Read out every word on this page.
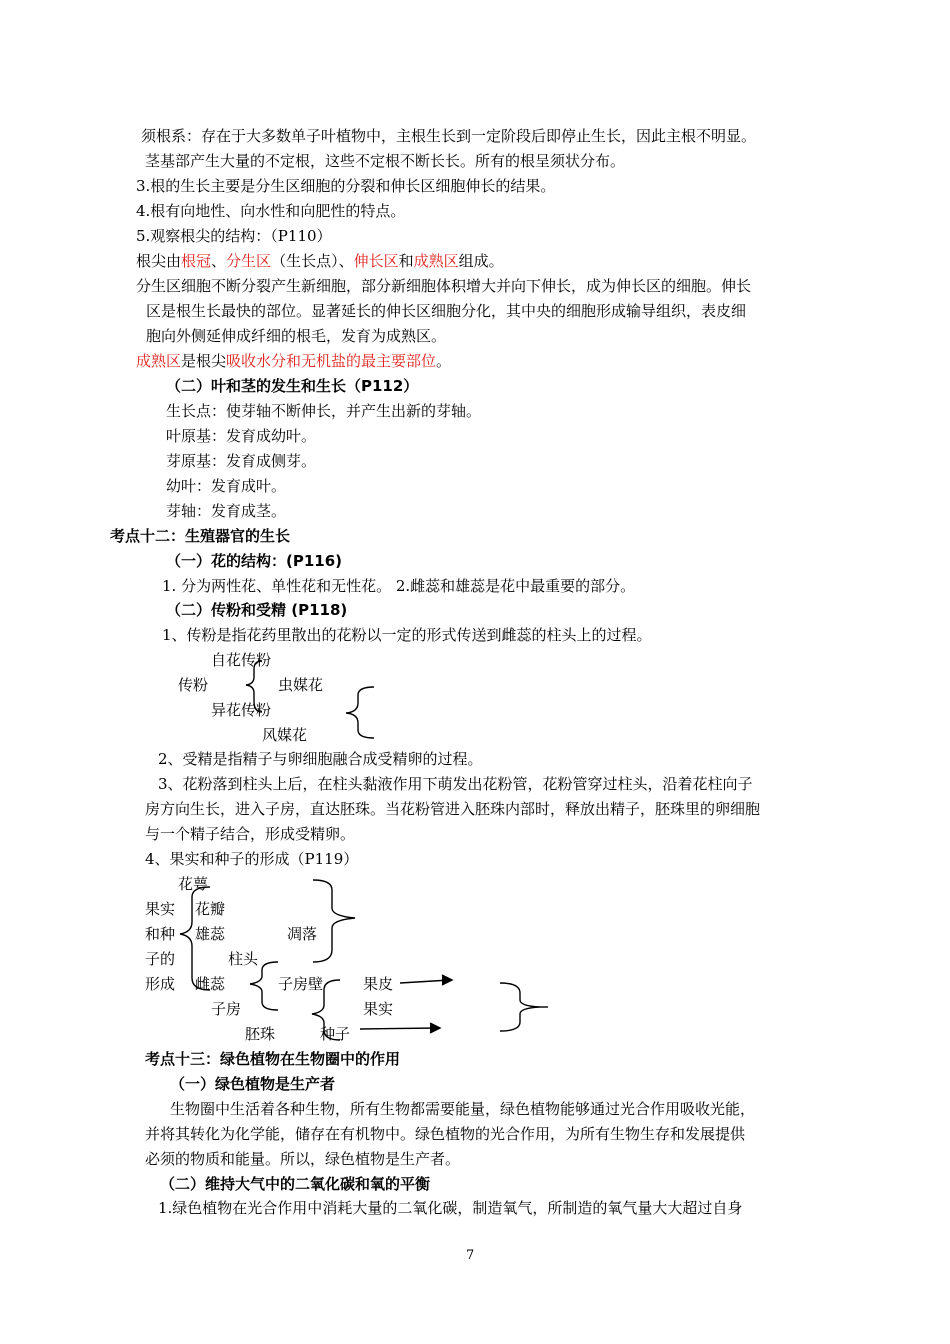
须根系：存在于大多数单子叶植物中，主根生长到一定阶段后即停止生长，因此主根不明显。
茎基部产生大量的不定根，这些不定根不断长长。所有的根呈须状分布。
3.根的生长主要是分生区细胞的分裂和伸长区细胞伸长的结果。
4.根有向地性、向水性和向肥性的特点。
5.观察根尖的结构：（P110）
根尖由根冠、分生区（生长点）、伸长区和成熟区组成。
分生区细胞不断分裂产生新细胞，部分新细胞体积增大并向下伸长，成为伸长区的细胞。伸长
区是根生长最快的部位。显著延长的伸长区细胞分化，其中央的细胞形成输导组织，表皮细
胞向外侧延伸成纤细的根毛，发育为成熟区。
成熟区是根尖吸收水分和无机盐的最主要部位。
（二）叶和茎的发生和生长（P112）
生长点：使芽轴不断伸长，并产生出新的芽轴。
叶原基：发育成幼叶。
芽原基：发育成侧芽。
幼叶：发育成叶。
芽轴：发育成茎。
考点十二：生殖器官的生长
（一）花的结构：(P116)
1. 分为两性花、单性花和无性花。 2.雌蕊和雄蕊是花中最重要的部分。
（二）传粉和受精 (P118)
1、传粉是指花药里散出的花粉以一定的形式传送到雌蕊的柱头上的过程。
自花传粉
传粉	虫媒花
异花传粉
风媒花
2、受精是指精子与卵细胞融合成受精卵的过程。
3、花粉落到柱头上后，在柱头黏液作用下萌发出花粉管，花粉管穿过柱头，沿着花柱向子
房方向生长，进入子房，直达胚珠。当花粉管进入胚珠内部时，释放出精子，胚珠里的卵细胞
与一个精子结合，形成受精卵。
4、果实和种子的形成（P119）
果实
和种
子的
形成
花萼
花瓣
雄蕊	凋落
柱头
雌蕊	子房壁	果皮
子房	果实
胚珠	种子
考点十三：绿色植物在生物圈中的作用
（一）绿色植物是生产者
生物圈中生活着各种生物，所有生物都需要能量，绿色植物能够通过光合作用吸收光能，
并将其转化为化学能，储存在有机物中。绿色植物的光合作用，为所有生物生存和发展提供
必须的物质和能量。所以，绿色植物是生产者。
（二）维持大气中的二氧化碳和氧的平衡
1.绿色植物在光合作用中消耗大量的二氧化碳，制造氧气，所制造的氧气量大大超过自身
7
